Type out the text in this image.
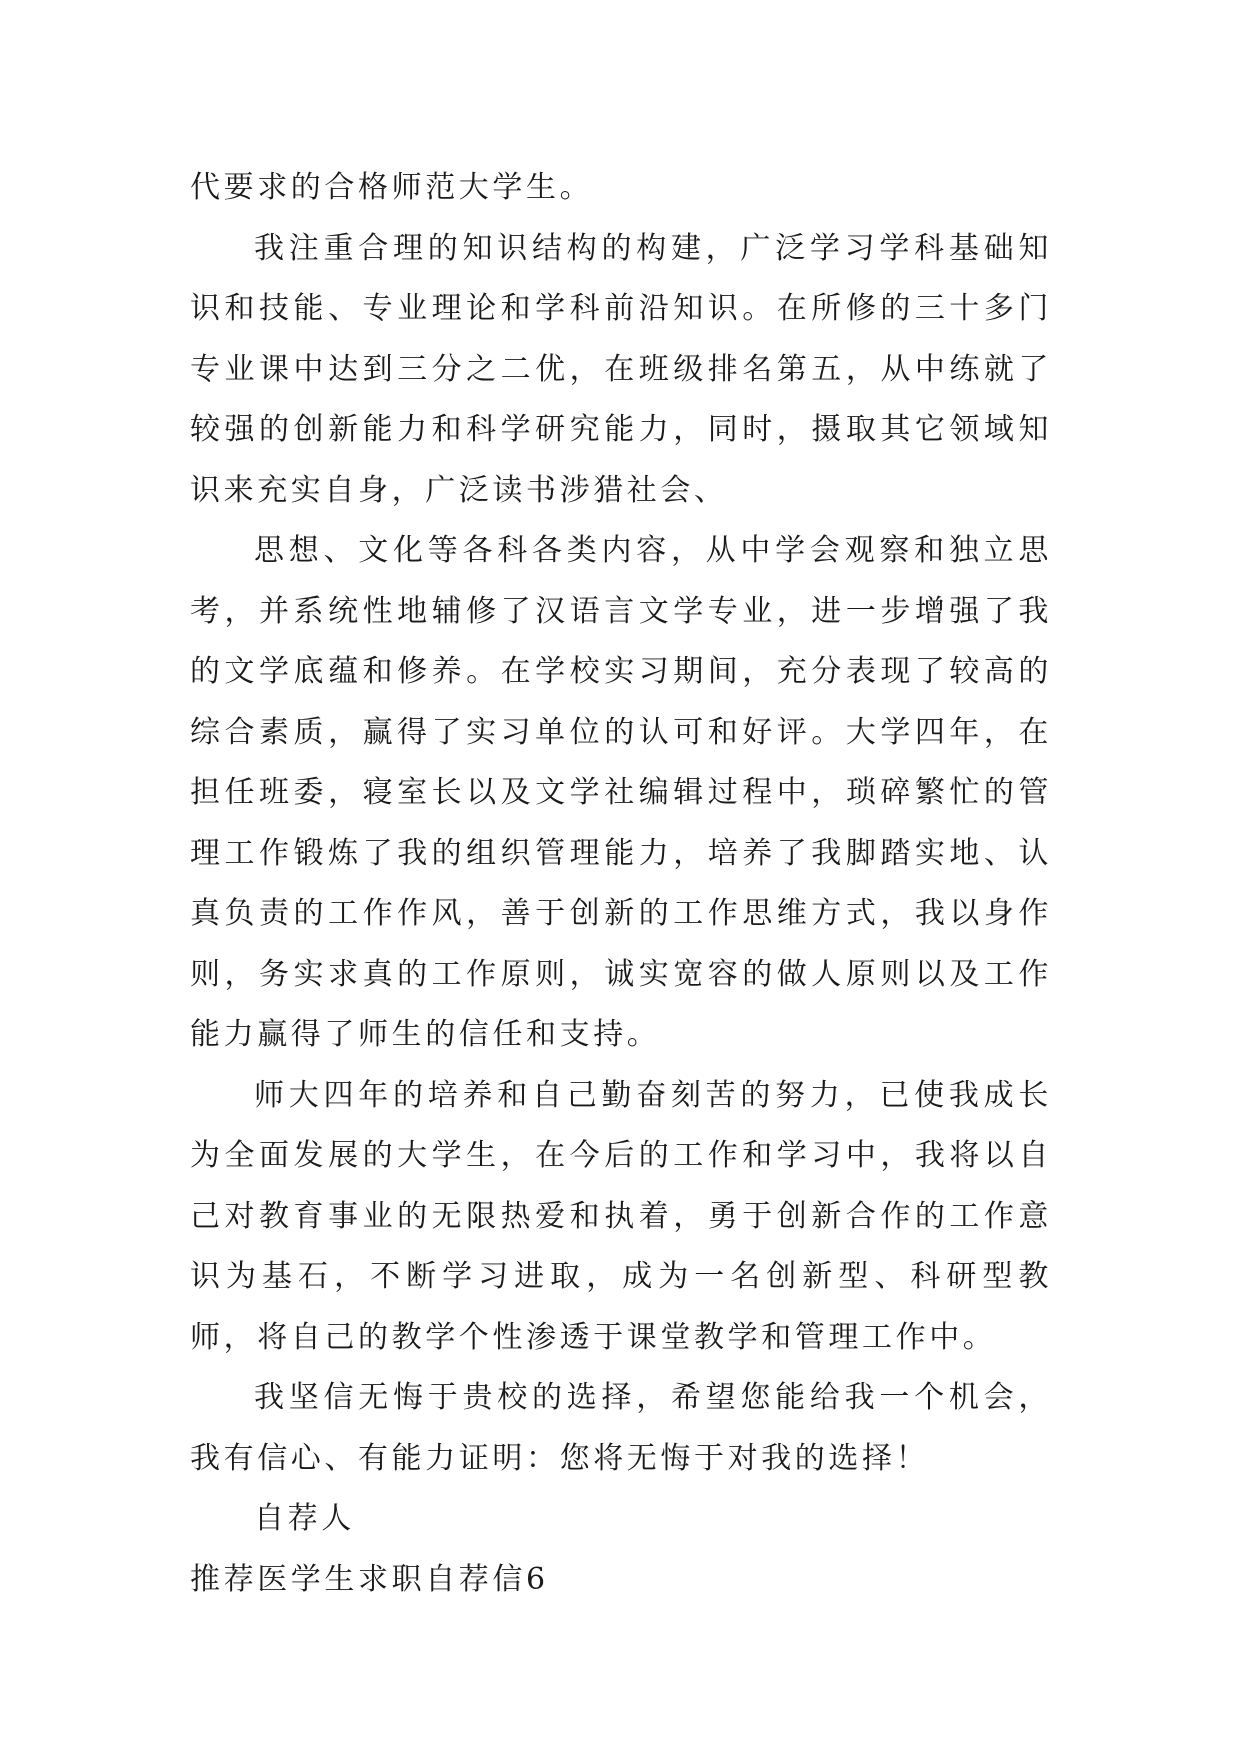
代要求的合格师范大学生。

我注重合理的知识结构的构建，广泛学习学科基础知识和技能、专业理论和学科前沿知识。在所修的三十多门专业课中达到三分之二优，在班级排名第五，从中练就了较强的创新能力和科学研究能力，同时，摄取其它领域知识来充实自身，广泛读书涉猎社会、

思想、文化等各科各类内容，从中学会观察和独立思考，并系统性地辅修了汉语言文学专业，进一步增强了我的文学底蕴和修养。在学校实习期间，充分表现了较高的综合素质，赢得了实习单位的认可和好评。大学四年，在担任班委，寝室长以及文学社编辑过程中，琐碎繁忙的管理工作锻炼了我的组织管理能力，培养了我脚踏实地、认真负责的工作作风，善于创新的工作思维方式，我以身作则，务实求真的工作原则，诚实宽容的做人原则以及工作能力赢得了师生的信任和支持。

师大四年的培养和自己勤奋刻苦的努力，已使我成长为全面发展的大学生，在今后的工作和学习中，我将以自己对教育事业的无限热爱和执着，勇于创新合作的工作意识为基石，不断学习进取，成为一名创新型、科研型教师，将自己的教学个性渗透于课堂教学和管理工作中。

我坚信无悔于贵校的选择，希望您能给我一个机会，我有信心、有能力证明：您将无悔于对我的选择！

自荐人

推荐医学生求职自荐信6
